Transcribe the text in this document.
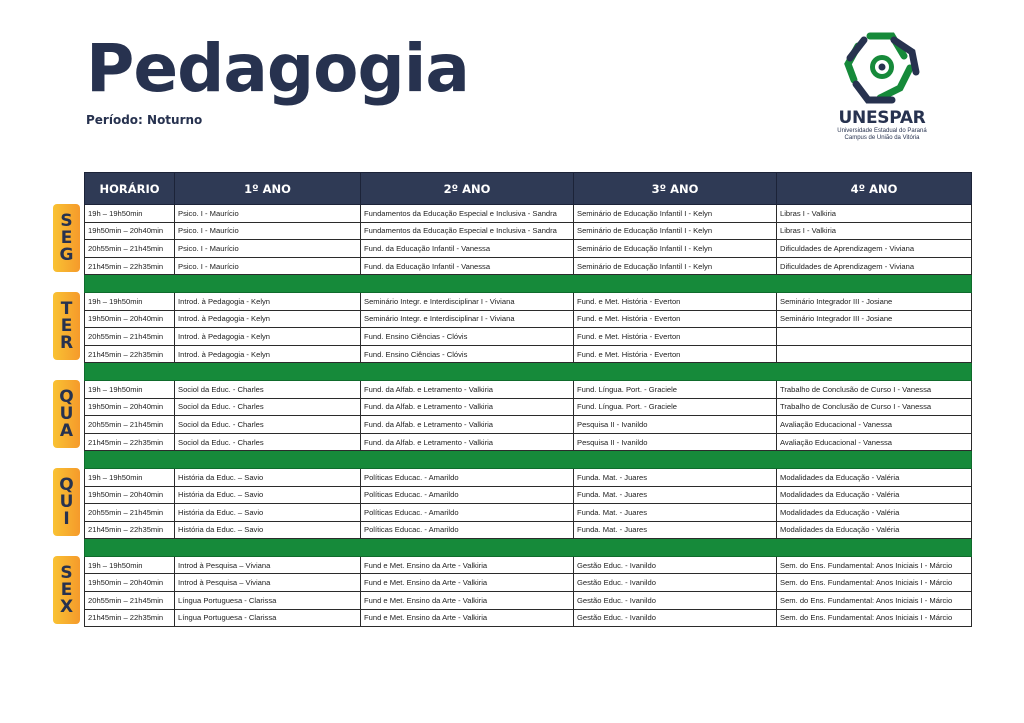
Pedagogia
Período: Noturno	UNESPAR
Universidade Estadual do Paraná
Campus de União da Vitória
HORÁRIO	1º ANO	2º ANO	3º ANO	4º ANO
19h – 19h50min	Psico. I - Maurício	Fundamentos da Educação Especial e Inclusiva - Sandra	Seminário de Educação Infantil I - Kelyn	Libras I - Valkiria
19h50min – 20h40min	Psico. I - Maurício	Fundamentos da Educação Especial e Inclusiva - Sandra	Seminário de Educação Infantil I - Kelyn	Libras I - Valkiria
20h55min – 21h45min	Psico. I - Maurício	Fund. da Educação Infantil - Vanessa	Seminário de Educação Infantil I - Kelyn	Dificuldades de Aprendizagem - Viviana
21h45min – 22h35min	Psico. I - Maurício	Fund. da Educação Infantil - Vanessa	Seminário de Educação Infantil I - Kelyn	Dificuldades de Aprendizagem - Viviana

19h – 19h50min	Introd. à Pedagogia - Kelyn	Seminário Integr. e Interdisciplinar I - Viviana	Fund. e Met. História - Everton	Seminário Integrador III - Josiane
19h50min – 20h40min	Introd. à Pedagogia - Kelyn	Seminário Integr. e Interdisciplinar I - Viviana	Fund. e Met. História - Everton	Seminário Integrador III - Josiane
20h55min – 21h45min	Introd. à Pedagogia - Kelyn	Fund. Ensino Ciências - Clóvis	Fund. e Met. História - Everton	
21h45min – 22h35min	Introd. à Pedagogia - Kelyn	Fund. Ensino Ciências - Clóvis	Fund. e Met. História - Everton	

19h – 19h50min	Sociol da Educ. - Charles	Fund. da Alfab. e Letramento - Valkiria	Fund. Língua. Port. - Graciele	Trabalho de Conclusão de Curso I - Vanessa
19h50min – 20h40min	Sociol da Educ. - Charles	Fund. da Alfab. e Letramento - Valkiria	Fund. Língua. Port. - Graciele	Trabalho de Conclusão de Curso I - Vanessa
20h55min – 21h45min	Sociol da Educ. - Charles	Fund. da Alfab. e Letramento - Valkiria	Pesquisa II - Ivanildo	Avaliação Educacional - Vanessa
21h45min – 22h35min	Sociol da Educ. - Charles	Fund. da Alfab. e Letramento - Valkiria	Pesquisa II - Ivanildo	Avaliação Educacional - Vanessa

19h – 19h50min	História da Educ. – Savio	Políticas Educac. - Amarildo	Funda. Mat. - Juares	Modalidades da Educação - Valéria
19h50min – 20h40min	História da Educ. – Savio	Políticas Educac. - Amarildo	Funda. Mat. - Juares	Modalidades da Educação - Valéria
20h55min – 21h45min	História da Educ. – Savio	Políticas Educac. - Amarildo	Funda. Mat. - Juares	Modalidades da Educação - Valéria
21h45min – 22h35min	História da Educ. – Savio	Políticas Educac. - Amarildo	Funda. Mat. - Juares	Modalidades da Educação - Valéria

19h – 19h50min	Introd à Pesquisa – Viviana	Fund e Met. Ensino da Arte - Valkiria	Gestão Educ. - Ivanildo	Sem. do Ens. Fundamental: Anos Iniciais I - Márcio
19h50min – 20h40min	Introd à Pesquisa – Viviana	Fund e Met. Ensino da Arte - Valkiria	Gestão Educ. - Ivanildo	Sem. do Ens. Fundamental: Anos Iniciais I - Márcio
20h55min – 21h45min	Língua Portuguesa - Clarissa	Fund e Met. Ensino da Arte - Valkiria	Gestão Educ. - Ivanildo	Sem. do Ens. Fundamental: Anos Iniciais I - Márcio
21h45min – 22h35min	Língua Portuguesa - Clarissa	Fund e Met. Ensino da Arte - Valkiria	Gestão Educ. - Ivanildo	Sem. do Ens. Fundamental: Anos Iniciais I - Márcio
S
E
G
T
E
R
Q
U
A
Q
U
I
S
E
X
